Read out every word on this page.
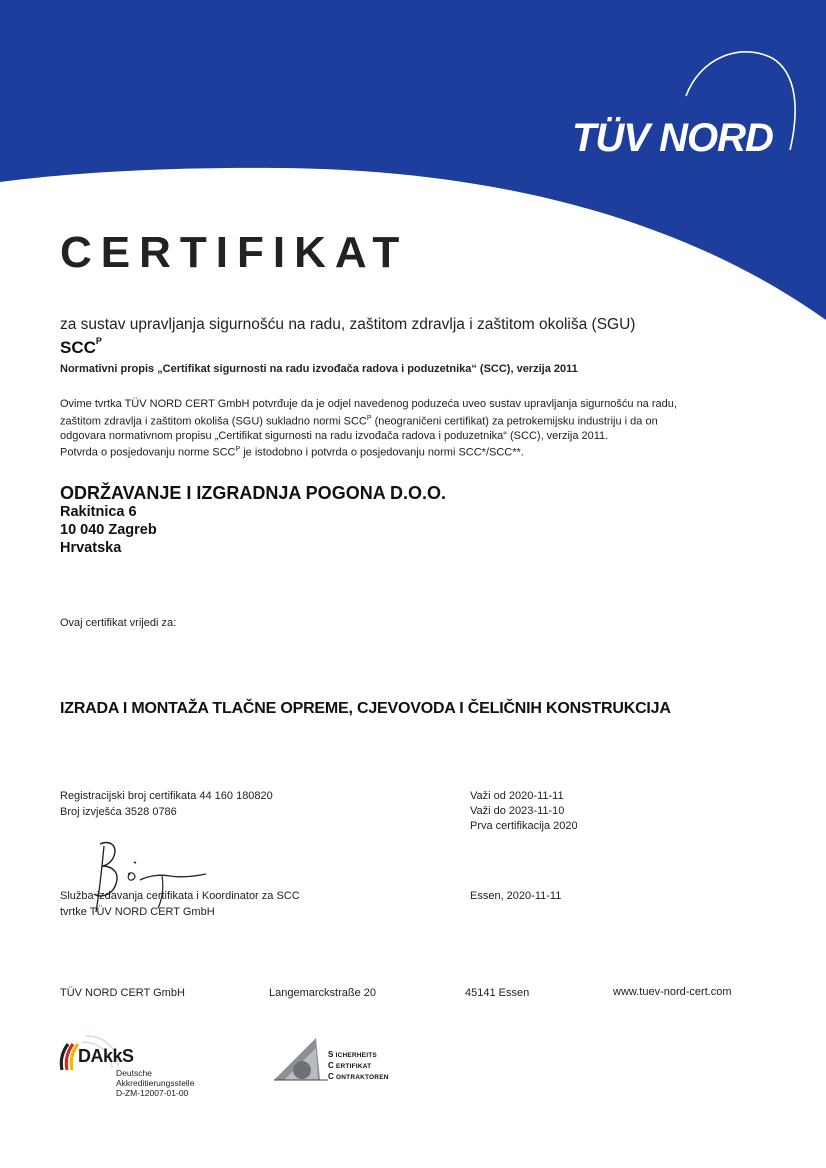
TÜV NORD
CERTIFIKAT
za sustav upravljanja sigurnošću na radu, zaštitom zdravlja i zaštitom okoliša (SGU)
$SCC^P$
Normativni propis „Certifikat sigurnosti na radu izvođača radova i poduzetnika“ (SCC), verzija 2011
Ovime tvrtka TÜV NORD CERT GmbH potvrđuje da je odjel navedenog poduzeća uveo sustav upravljanja sigurnošću na radu,
zaštitom zdravlja i zaštitom okoliša (SGU) sukladno normi $SCC^P$ (neograničeni certifikat) za petrokemijsku industriju i da on
odgovara normativnom propisu „Certifikat sigurnosti na radu izvođača radova i poduzetnika“ (SCC), verzija 2011.
Potvrda o posjedovanju norme $SCC^P$ je istodobno i potvrda o posjedovanju normi SCC*/SCC**.
ODRŽAVANJE I IZGRADNJA POGONA D.O.O.
Rakitnica 6
10 040 Zagreb
Hrvatska
Ovaj certifikat vrijedi za:
IZRADA I MONTAŽA TLAČNE OPREME, CJEVOVODA I ČELIČNIH KONSTRUKCIJA
Registracijski broj certifikata 44 160 180820
Broj izvješća 3528 0786
Važi od 2020-11-11
Važi do 2023-11-10
Prva certifikacija 2020
Služba izdavanja certifikata i Koordinator za SCC
tvrtke TÜV NORD CERT GmbH
Essen, 2020-11-11
TÜV NORD CERT GmbH	Langemarckstraße 20	45141 Essen	www.tuev-nord-cert.com
DAkkS
Deutsche
Akkreditierungsstelle
D-ZM-12007-01-00
S ICHERHEITS
C ERTIFIKAT
C ONTRAKTOREN
